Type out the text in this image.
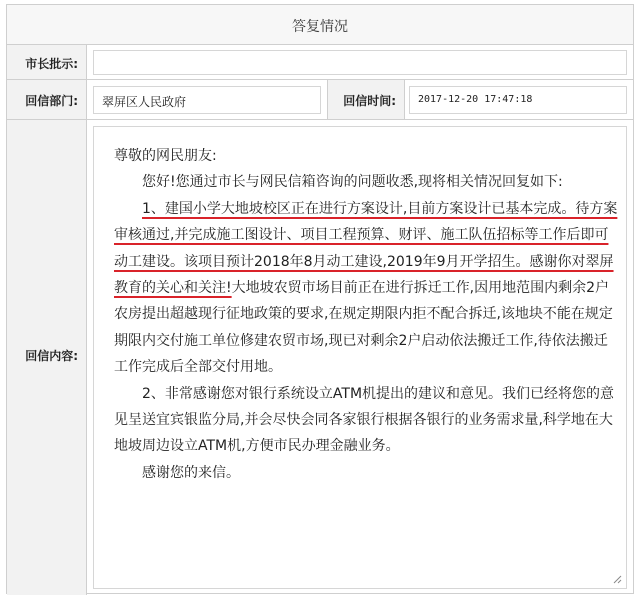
答复情况
市长批示:
回信部门: 翠屏区人民政府	回信时间: 2017-12-20 17:47:18
回信内容:

尊敬的网民朋友:

您好!您通过市长与网民信箱咨询的问题收悉,现将相关情况回复如下:

1、建国小学大地坡校区正在进行方案设计,目前方案设计已基本完成。待方案审核通过,并完成施工图设计、项目工程预算、财评、施工队伍招标等工作后即可动工建设。该项目预计2018年8月动工建设,2019年9月开学招生。感谢你对翠屏教育的关心和关注!大地坡农贸市场目前正在进行拆迁工作,因用地范围内剩余2户农房提出超越现行征地政策的要求,在规定期限内拒不配合拆迁,该地块不能在规定期限内交付施工单位修建农贸市场,现已对剩余2户启动依法搬迁工作,待依法搬迁工作完成后全部交付用地。

2、非常感谢您对银行系统设立ATM机提出的建议和意见。我们已经将您的意见呈送宜宾银监分局,并会尽快会同各家银行根据各银行的业务需求量,科学地在大地坡周边设立ATM机,方便市民办理金融业务。

感谢您的来信。
